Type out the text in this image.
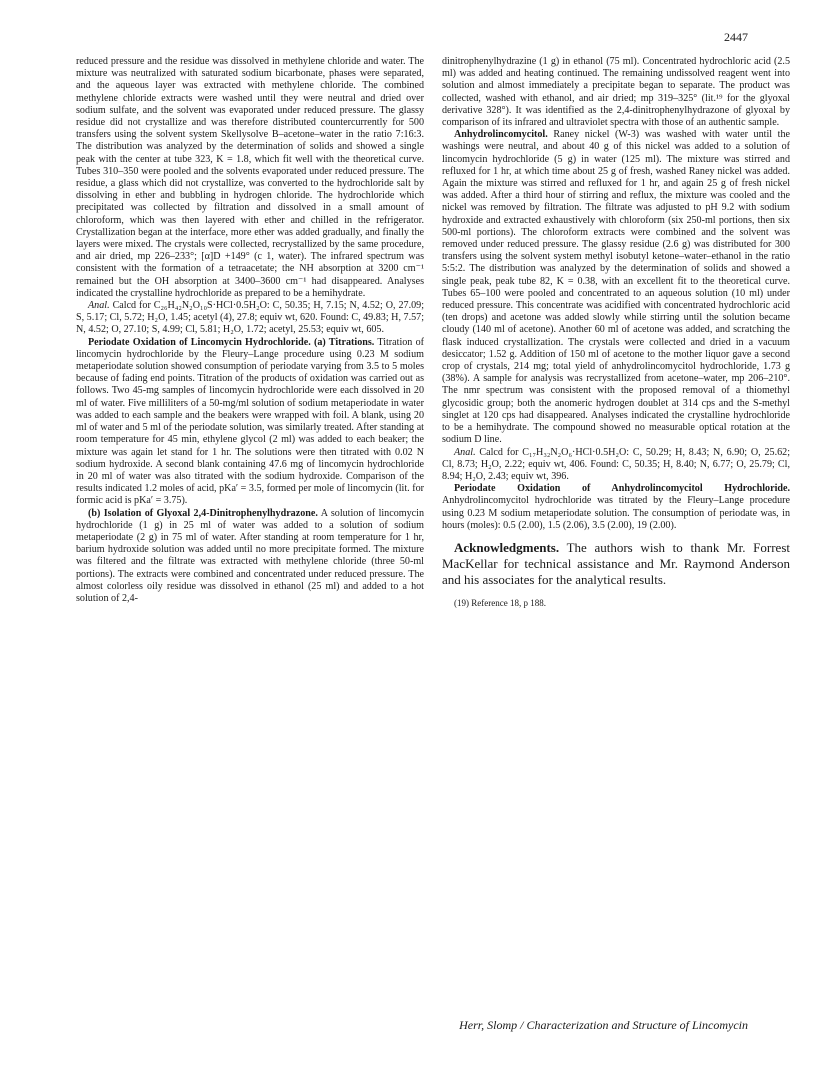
2447

reduced pressure and the residue was dissolved in methylene chloride and water. The mixture was neutralized with saturated sodium bicarbonate, phases were separated, and the aqueous layer was extracted with methylene chloride. The combined methylene chloride extracts were washed until they were neutral and dried over sodium sulfate, and the solvent was evaporated under reduced pressure. The glassy residue did not crystallize and was therefore distributed countercurrently for 500 transfers using the solvent system Skellysolve B–acetone–water in the ratio 7:16:3. The distribution was analyzed by the determination of solids and showed a single peak with the center at tube 323, K = 1.8, which fit well with the theoretical curve. Tubes 310–350 were pooled and the solvents evaporated under reduced pressure. The residue, a glass which did not crystallize, was converted to the hydrochloride salt by dissolving in ether and bubbling in hydrogen chloride. The hydrochloride which precipitated was collected by filtration and dissolved in a small amount of chloroform, which was then layered with ether and chilled in the refrigerator. Crystallization began at the interface, more ether was added gradually, and finally the layers were mixed. The crystals were collected, recrystallized by the same procedure, and air dried, mp 226–233°; [α]D +149° (c 1, water). The infrared spectrum was consistent with the formation of a tetraacetate; the NH absorption at 3200 cm⁻¹ remained but the OH absorption at 3400–3600 cm⁻¹ had disappeared. Analyses indicated the crystalline hydrochloride as prepared to be a hemihydrate.

Anal. Calcd for C₂₆H₄₂N₂O₁₀S·HCl·0.5H₂O: C, 50.35; H, 7.15; N, 4.52; O, 27.09; S, 5.17; Cl, 5.72; H₂O, 1.45; acetyl (4), 27.8; equiv wt, 620. Found: C, 49.83; H, 7.57; N, 4.52; O, 27.10; S, 4.99; Cl, 5.81; H₂O, 1.72; acetyl, 25.53; equiv wt, 605.

Periodate Oxidation of Lincomycin Hydrochloride. (a) Titrations. Titration of lincomycin hydrochloride by the Fleury–Lange procedure using 0.23 M sodium metaperiodate solution showed consumption of periodate varying from 3.5 to 5 moles because of fading end points. Titration of the products of oxidation was carried out as follows. Two 45-mg samples of lincomycin hydrochloride were each dissolved in 20 ml of water. Five milliliters of a 50-mg/ml solution of sodium metaperiodate in water was added to each sample and the beakers were wrapped with foil. A blank, using 20 ml of water and 5 ml of the periodate solution, was similarly treated. After standing at room temperature for 45 min, ethylene glycol (2 ml) was added to each beaker; the mixture was again let stand for 1 hr. The solutions were then titrated with 0.02 N sodium hydroxide. A second blank containing 47.6 mg of lincomycin hydrochloride in 20 ml of water was also titrated with the sodium hydroxide. Comparison of the results indicated 1.2 moles of acid, pKa′ = 3.5, formed per mole of lincomycin (lit. for formic acid is pKa′ = 3.75).

(b) Isolation of Glyoxal 2,4-Dinitrophenylhydrazone. A solution of lincomycin hydrochloride (1 g) in 25 ml of water was added to a solution of sodium metaperiodate (2 g) in 75 ml of water. After standing at room temperature for 1 hr, barium hydroxide solution was added until no more precipitate formed. The mixture was filtered and the filtrate was extracted with methylene chloride (three 50-ml portions). The extracts were combined and concentrated under reduced pressure. The almost colorless oily residue was dissolved in ethanol (25 ml) and added to a hot solution of 2,4-

dinitrophenylhydrazine (1 g) in ethanol (75 ml). Concentrated hydrochloric acid (2.5 ml) was added and heating continued. The remaining undissolved reagent went into solution and almost immediately a precipitate began to separate. The product was collected, washed with ethanol, and air dried; mp 319–325° (lit.¹⁹ for the glyoxal derivative 328°). It was identified as the 2,4-dinitrophenylhydrazone of glyoxal by comparison of its infrared and ultraviolet spectra with those of an authentic sample.

Anhydrolincomycitol. Raney nickel (W-3) was washed with water until the washings were neutral, and about 40 g of this nickel was added to a solution of lincomycin hydrochloride (5 g) in water (125 ml). The mixture was stirred and refluxed for 1 hr, at which time about 25 g of fresh, washed Raney nickel was added. Again the mixture was stirred and refluxed for 1 hr, and again 25 g of fresh nickel was added. After a third hour of stirring and reflux, the mixture was cooled and the nickel was removed by filtration. The filtrate was adjusted to pH 9.2 with sodium hydroxide and extracted exhaustively with chloroform (six 250-ml portions, then six 500-ml portions). The chloroform extracts were combined and the solvent was removed under reduced pressure. The glassy residue (2.6 g) was distributed for 300 transfers using the solvent system methyl isobutyl ketone–water–ethanol in the ratio 5:5:2. The distribution was analyzed by the determination of solids and showed a single peak, peak tube 82, K = 0.38, with an excellent fit to the theoretical curve. Tubes 65–100 were pooled and concentrated to an aqueous solution (10 ml) under reduced pressure. This concentrate was acidified with concentrated hydrochloric acid (ten drops) and acetone was added slowly while stirring until the solution became cloudy (140 ml of acetone). Another 60 ml of acetone was added, and scratching the flask induced crystallization. The crystals were collected and dried in a vacuum desiccator; 1.52 g. Addition of 150 ml of acetone to the mother liquor gave a second crop of crystals, 214 mg; total yield of anhydrolincomycitol hydrochloride, 1.73 g (38%). A sample for analysis was recrystallized from acetone–water, mp 206–210°. The nmr spectrum was consistent with the proposed removal of a thiomethyl glycosidic group; both the anomeric hydrogen doublet at 314 cps and the S-methyl singlet at 120 cps had disappeared. Analyses indicated the crystalline hydrochloride to be a hemihydrate. The compound showed no measurable optical rotation at the sodium D line.

Anal. Calcd for C₁₇H₃₂N₂O₆·HCl·0.5H₂O: C, 50.29; H, 8.43; N, 6.90; O, 25.62; Cl, 8.73; H₂O, 2.22; equiv wt, 406. Found: C, 50.35; H, 8.40; N, 6.77; O, 25.79; Cl, 8.94; H₂O, 2.43; equiv wt, 396.

Periodate Oxidation of Anhydrolincomycitol Hydrochloride. Anhydrolincomycitol hydrochloride was titrated by the Fleury–Lange procedure using 0.23 M sodium metaperiodate solution. The consumption of periodate was, in hours (moles): 0.5 (2.00), 1.5 (2.06), 3.5 (2.00), 19 (2.00).

Acknowledgments. The authors wish to thank Mr. Forrest MacKellar for technical assistance and Mr. Raymond Anderson and his associates for the analytical results.

(19) Reference 18, p 188.

Herr, Slomp / Characterization and Structure of Lincomycin
